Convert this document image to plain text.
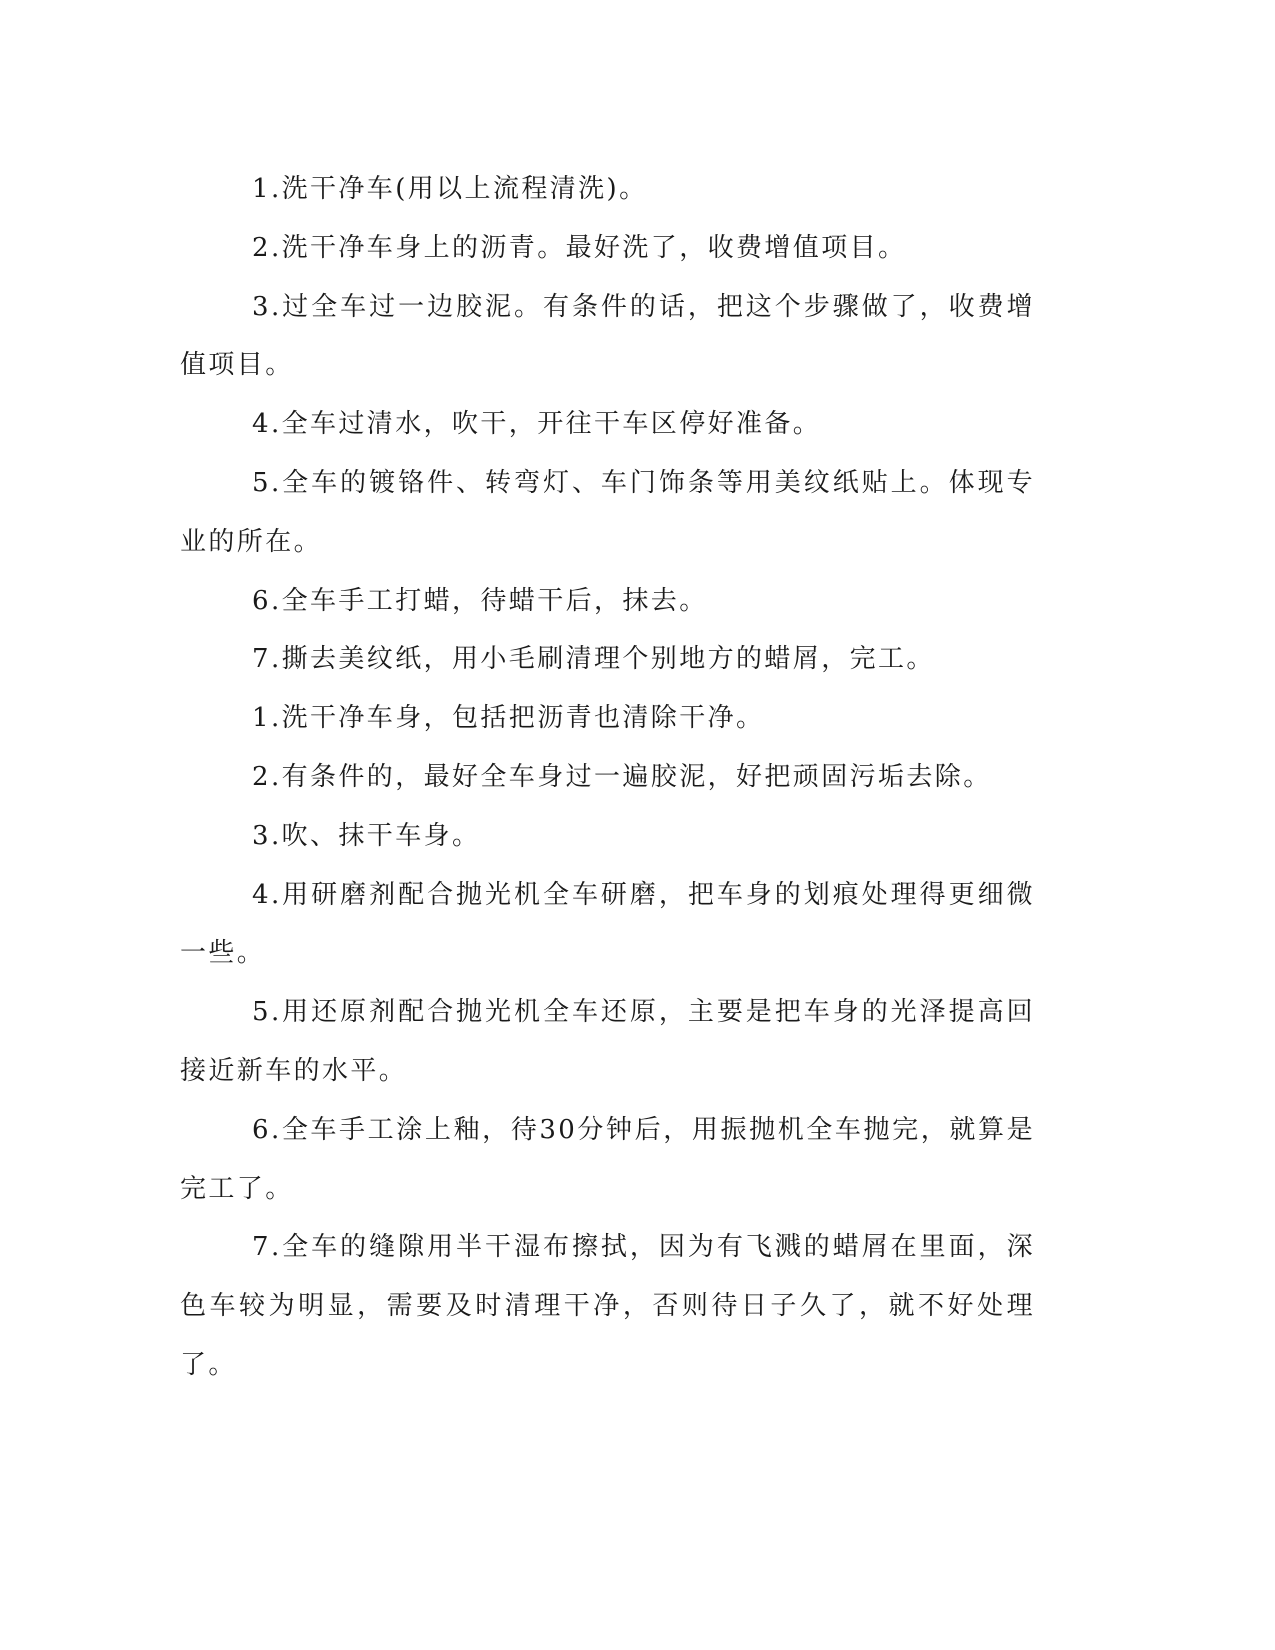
1.洗干净车(用以上流程清洗)。

2.洗干净车身上的沥青。最好洗了，收费增值项目。

3.过全车过一边胶泥。有条件的话，把这个步骤做了，收费增值项目。

4.全车过清水，吹干，开往干车区停好准备。

5.全车的镀铬件、转弯灯、车门饰条等用美纹纸贴上。体现专业的所在。

6.全车手工打蜡，待蜡干后，抹去。

7.撕去美纹纸，用小毛刷清理个别地方的蜡屑，完工。

1.洗干净车身，包括把沥青也清除干净。

2.有条件的，最好全车身过一遍胶泥，好把顽固污垢去除。

3.吹、抹干车身。

4.用研磨剂配合抛光机全车研磨，把车身的划痕处理得更细微一些。

5.用还原剂配合抛光机全车还原，主要是把车身的光泽提高回接近新车的水平。

6.全车手工涂上釉，待30分钟后，用振抛机全车抛完，就算是完工了。

7.全车的缝隙用半干湿布擦拭，因为有飞溅的蜡屑在里面，深色车较为明显，需要及时清理干净，否则待日子久了，就不好处理了。
